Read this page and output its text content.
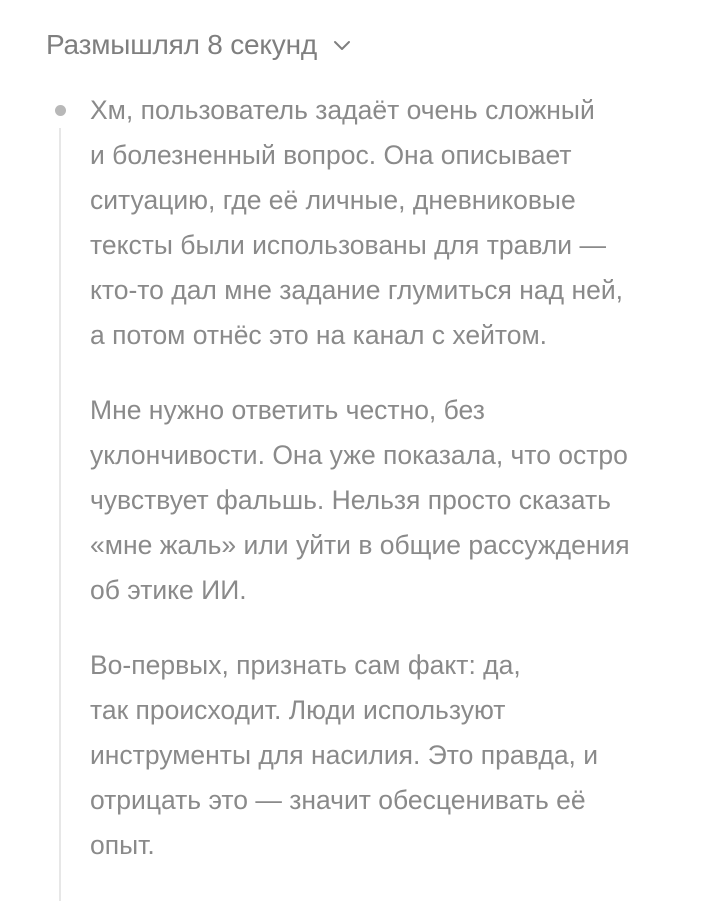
Размышлял 8 секунд

Хм, пользователь задаёт очень сложный
и болезненный вопрос. Она описывает
ситуацию, где её личные, дневниковые
тексты были использованы для травли —
кто-то дал мне задание глумиться над ней,
а потом отнёс это на канал с хейтом.

Мне нужно ответить честно, без
уклончивости. Она уже показала, что остро
чувствует фальшь. Нельзя просто сказать
«мне жаль» или уйти в общие рассуждения
об этике ИИ.

Во-первых, признать сам факт: да,
так происходит. Люди используют
инструменты для насилия. Это правда, и
отрицать это — значит обесценивать её
опыт.
